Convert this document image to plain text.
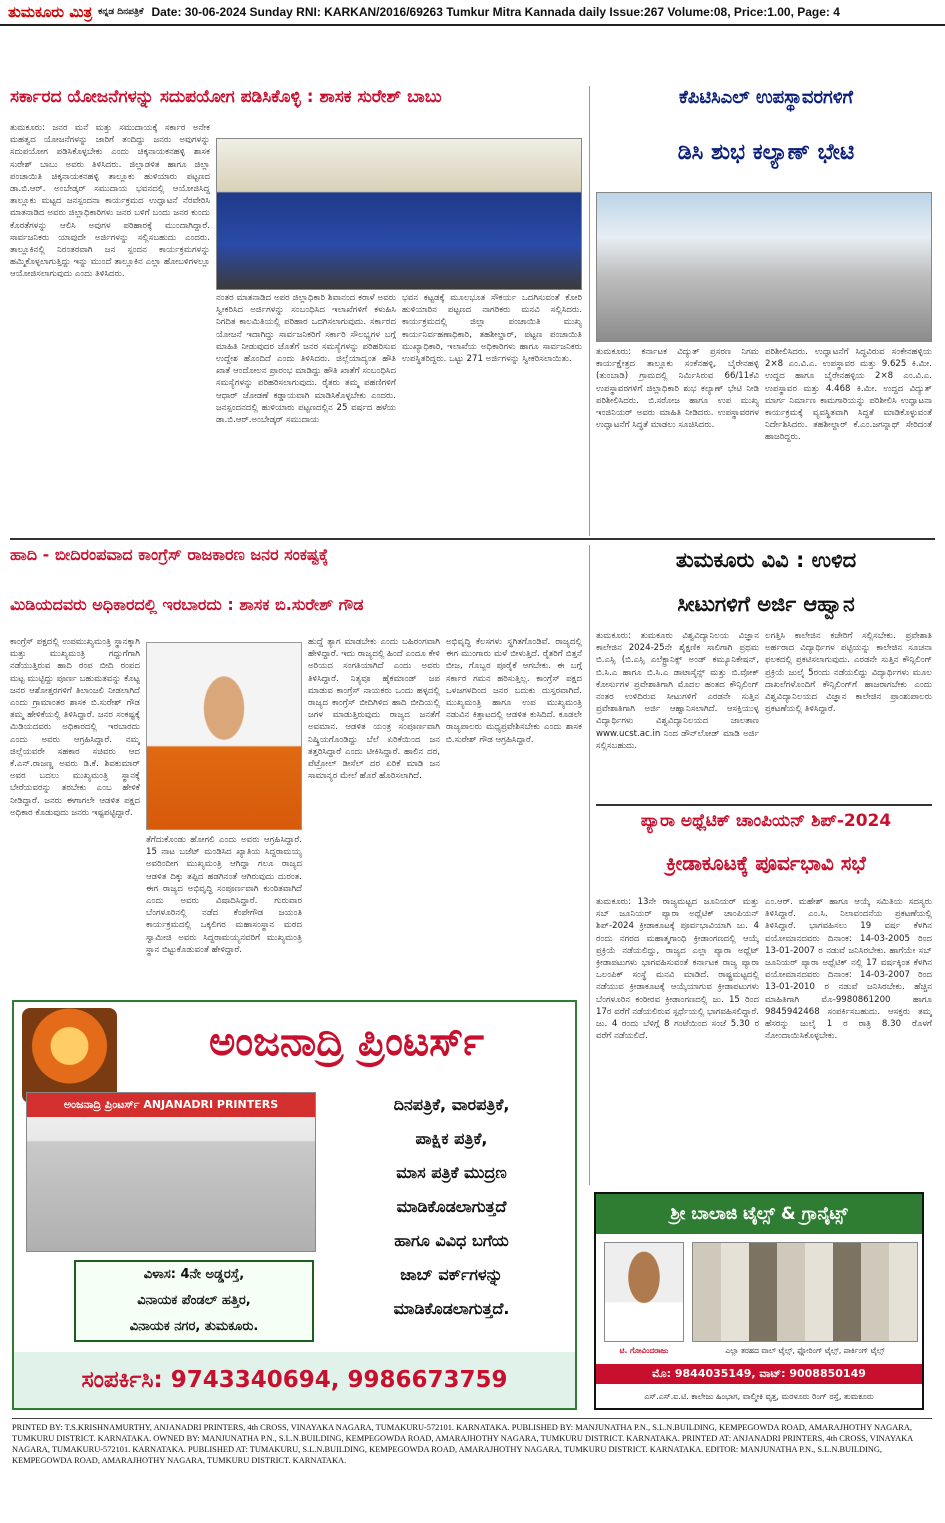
ತುಮಕೂರು ಮಿತ್ರ ಕನ್ನಡ ದಿನಪತ್ರಿಕೆ Date: 30-06-2024 Sunday RNI: KARKAN/2016/69263 Tumkur Mitra Kannada daily Issue:267 Volume:08, Price:1.00, Page: 4
ಸರ್ಕಾರದ ಯೋಜನೆಗಳನ್ನು ಸದುಪಯೋಗ ಪಡಿಸಿಕೊಳ್ಳಿ : ಶಾಸಕ ಸುರೇಶ್ ಬಾಬು
ತುಮಕೂರು: ಜನರ ಮನೆ ಮತ್ತು ಸಮುದಾಯಕ್ಕೆ ಸರ್ಕಾರ ಅನೇಕ ಮಹತ್ವದ ಯೋಜನೆಗಳನ್ನು ಜಾರಿಗೆ ತಂದಿದ್ದು ಜನರು ಅವುಗಳನ್ನು ಸದುಪಯೋಗ ಪಡಿಸಿಕೊಳ್ಳಬೇಕು ಎಂದು ಚಿಕ್ಕನಾಯಕನಹಳ್ಳಿ ಶಾಸಕ ಸುರೇಶ್ ಬಾಬು ಅವರು ತಿಳಿಸಿದರು. ಜಿಲ್ಲಾಡಳಿತ ಹಾಗೂ ಜಿಲ್ಲಾ ಪಂಚಾಯಿತಿ ಚಿಕ್ಕನಾಯಕನಹಳ್ಳಿ ತಾಲ್ಲೂಕು ಹುಳಿಯಾರು ಪಟ್ಟಣದ ಡಾ.ಬಿ.ಆರ್. ಅಂಬೇಡ್ಕರ್ ಸಮುದಾಯ ಭವನದಲ್ಲಿ ಆಯೋಜಿಸಿದ್ದ ತಾಲ್ಲೂಕು ಮಟ್ಟದ ಜನಸ್ಪಂದನಾ ಕಾರ್ಯಕ್ರಮದ ಉದ್ಘಾಟನೆ ನೆರವೇರಿಸಿ ಮಾತನಾಡಿದ ಅವರು ಜಿಲ್ಲಾಧಿಕಾರಿಗಳು ಜನರ ಬಳಿಗೆ ಬಂದು ಜನರ ಕುಂದು ಕೊರತೆಗಳನ್ನು ಆಲಿಸಿ ಅವುಗಳ ಪರಿಹಾರಕ್ಕೆ ಮುಂದಾಗಿದ್ದಾರೆ. ಸಾರ್ವಜನಿಕರು ಯಾವುದೇ ಅರ್ಜಿಗಳನ್ನು ಸಲ್ಲಿಸಬಹುದು ಎಂದರು. ತಾಲ್ಲೂಕಿನಲ್ಲಿ ನಿರಂತರವಾಗಿ ಜನ ಸ್ಪಂದನ ಕಾರ್ಯಕ್ರಮಗಳನ್ನು ಹಮ್ಮಿಕೊಳ್ಳಲಾಗುತ್ತಿದ್ದು ಇನ್ನು ಮುಂದೆ ತಾಲ್ಲೂಕಿನ ಎಲ್ಲಾ ಹೋಬಳಿಗಳಲ್ಲೂ ಆಯೋಜಿಸಲಾಗುವುದು ಎಂದು ತಿಳಿಸಿದರು.
ನಂತರ ಮಾತನಾಡಿದ ಅಪರ ಜಿಲ್ಲಾಧಿಕಾರಿ ಶಿವಾನಂದ ಕರಾಳೆ ಅವರು ಸ್ವೀಕರಿಸಿದ ಅರ್ಜಿಗಳನ್ನು ಸಂಬಂಧಿಸಿದ ಇಲಾಖೆಗಳಿಗೆ ಕಳುಹಿಸಿ ನಿಗದಿತ ಕಾಲಮಿತಿಯಲ್ಲಿ ಪರಿಹಾರ ಒದಗಿಸಲಾಗುವುದು. ಸರ್ಕಾರದ ಯೋಜನೆ ಇದಾಗಿದ್ದು ಸಾರ್ವಜನಿಕರಿಗೆ ಸರ್ಕಾರಿ ಸೌಲಭ್ಯಗಳ ಬಗ್ಗೆ ಮಾಹಿತಿ ನೀಡುವುದರ ಜೊತೆಗೆ ಜನರ ಸಮಸ್ಯೆಗಳನ್ನು ಪರಿಹರಿಸುವ ಉದ್ದೇಶ ಹೊಂದಿದೆ ಎಂದು ತಿಳಿಸಿದರು. ಜಿಲ್ಲೆಯಾದ್ಯಂತ ಹೌತಿ ಖಾತೆ ಆಂದೋಲನ ಪ್ರಾರಂಭ ಮಾಡಿದ್ದು ಹೌತಿ ಖಾತೆಗೆ ಸಂಬಂಧಿಸಿದ ಸಮಸ್ಯೆಗಳನ್ನು ಪರಿಹರಿಸಲಾಗುವುದು. ರೈತರು ತಮ್ಮ ಪಹಣಿಗಳಿಗೆ ಆಧಾರ್ ಜೋಡಣೆ ಕಡ್ಡಾಯವಾಗಿ ಮಾಡಿಸಿಕೊಳ್ಳಬೇಕು ಎಂದರು. ಜನಸ್ಪಂದನದಲ್ಲಿ ಹುಳಿಯಾರು ಪಟ್ಟಣದಲ್ಲಿನ 25 ವರ್ಷದ ಹಳೆಯ ಡಾ.ಬಿ.ಆರ್.ಅಂಬೇಡ್ಕರ್ ಸಮುದಾಯ
ಭವನ ಕಟ್ಟಡಕ್ಕೆ ಮೂಲಭೂತ ಸೌಕರ್ಯ ಒದಗಿಸುವಂತೆ ಕೋರಿ ಹುಳಿಯಾರಿನ ಪಟ್ಟಣದ ನಾಗರಿಕರು ಮನವಿ ಸಲ್ಲಿಸಿದರು. ಕಾರ್ಯಕ್ರಮದಲ್ಲಿ ಜಿಲ್ಲಾ ಪಂಚಾಯಿತಿ ಮುಖ್ಯ ಕಾರ್ಯನಿರ್ವಹಣಾಧಿಕಾರಿ, ತಹಶೀಲ್ದಾರ್, ಪಟ್ಟಣ ಪಂಚಾಯಿತಿ ಮುಖ್ಯಾಧಿಕಾರಿ, ಇಲಾಖೆಯ ಅಧಿಕಾರಿಗಳು ಹಾಗೂ ಸಾರ್ವಜನಿಕರು ಉಪಸ್ಥಿತರಿದ್ದರು. ಒಟ್ಟು 271 ಅರ್ಜಿಗಳನ್ನು ಸ್ವೀಕರಿಸಲಾಯಿತು.
ಕೆಪಿಟಿಸಿಎಲ್ ಉಪಸ್ಥಾವರಗಳಿಗೆ
ಡಿಸಿ ಶುಭ ಕಲ್ಯಾಣ್ ಭೇಟಿ
ತುಮಕೂರು: ಕರ್ನಾಟಕ ವಿದ್ಯುತ್ ಪ್ರಸರಣ ನಿಗಮ ಕಾರ್ಯಕ್ಷೇತ್ರದ ತಾಲ್ಲೂಕು ಸಂಕೆನಹಳ್ಳಿ, ಬೈರೇನಹಳ್ಳಿ (ತುಂಬಾಡಿ) ಗ್ರಾಮದಲ್ಲಿ ನಿರ್ಮಿಸಿರುವ 66/11ಕೆವಿ ಉಪಸ್ಥಾವರಗಳಿಗೆ ಜಿಲ್ಲಾಧಿಕಾರಿ ಶುಭ ಕಲ್ಯಾಣ್ ಭೇಟಿ ನೀಡಿ ಪರಿಶೀಲಿಸಿದರು. ಬಿ.ಸರೋಜ ಹಾಗೂ ಉಪ ಮುಖ್ಯ ಇಂಜಿನಿಯರ್ ಅವರು ಮಾಹಿತಿ ನೀಡಿದರು. ಉಪಸ್ಥಾವರಗಳ ಉದ್ಘಾಟನೆಗೆ ಸಿದ್ಧತೆ ಮಾಡಲು ಸೂಚಿಸಿದರು.
ಪರಿಶೀಲಿಸಿದರು. ಉದ್ಘಾಟನೆಗೆ ಸಿದ್ಧವಿರುವ ಸಂಕೇನಹಳ್ಳಿಯ 2×8 ಎಂ.ವಿ.ಎ. ಉಪಸ್ಥಾವರ ಮತ್ತು 9.625 ಕಿ.ಮೀ. ಉದ್ದದ ಹಾಗೂ ಬೈರೇನಹಳ್ಳಿಯ 2×8 ಎಂ.ವಿ.ಎ. ಉಪಸ್ಥಾವರ ಮತ್ತು 4.468 ಕಿ.ಮೀ. ಉದ್ದದ ವಿದ್ಯುತ್ ಮಾರ್ಗ ನಿರ್ಮಾಣ ಕಾಮಗಾರಿಯನ್ನು ಪರಿಶೀಲಿಸಿ ಉದ್ಘಾಟನಾ ಕಾರ್ಯಕ್ರಮಕ್ಕೆ ವ್ಯವಸ್ಥಿತವಾಗಿ ಸಿದ್ಧತೆ ಮಾಡಿಕೊಳ್ಳುವಂತೆ ನಿರ್ದೇಶಿಸಿದರು. ತಹಶೀಲ್ದಾರ್ ಕೆ.ಎಂ.ಜಗನ್ನಾಥ್ ಸೇರಿದಂತೆ ಹಾಜರಿದ್ದರು.
ಹಾದಿ - ಬೀದಿರಂಪವಾದ ಕಾಂಗ್ರೆಸ್ ರಾಜಕಾರಣ ಜನರ ಸಂಕಷ್ಟಕ್ಕೆ
ಮಿಡಿಯದವರು ಅಧಿಕಾರದಲ್ಲಿ ಇರಬಾರದು : ಶಾಸಕ ಬಿ.ಸುರೇಶ್ ಗೌಡ
ಕಾಂಗ್ರೆಸ್ ಪಕ್ಷದಲ್ಲಿ ಉಪಮುಖ್ಯಮಂತ್ರಿ ಸ್ಥಾನಕ್ಕಾಗಿ ಮತ್ತು ಮುಖ್ಯಮಂತ್ರಿ ಗದ್ದುಗೆಗಾಗಿ ನಡೆಯುತ್ತಿರುವ ಹಾದಿ ರಂಪ ಬೀದಿ ರಂಪದ ಮಟ್ಟ ಮುಟ್ಟಿದ್ದು ಪೂರ್ಣ ಬಹುಮತವನ್ನು ಕೊಟ್ಟ ಜನರ ಆಶೋತ್ತರಗಳಿಗೆ ತಿಲಾಂಜಲಿ ನೀಡಲಾಗಿದೆ ಎಂದು ಗ್ರಾಮಾಂತರ ಶಾಸಕ ಬಿ.ಸುರೇಶ್ ಗೌಡ ತಮ್ಮ ಹೇಳಿಕೆಯಲ್ಲಿ ತಿಳಿಸಿದ್ದಾರೆ. ಜನರ ಸಂಕಷ್ಟಕ್ಕೆ ಮಿಡಿಯದವರು ಅಧಿಕಾರದಲ್ಲಿ ಇರಬಾರದು ಎಂದು ಅವರು ಆಗ್ರಹಿಸಿದ್ದಾರೆ. ನಮ್ಮ ಜಿಲ್ಲೆಯವರೇ ಸಹಕಾರ ಸಚಿವರು ಆದ ಕೆ.ಎನ್.ರಾಜಣ್ಣ ಅವರು ಡಿ.ಕೆ. ಶಿವಕುಮಾರ್ ಅವರ ಬದಲು ಮುಖ್ಯಮಂತ್ರಿ ಸ್ಥಾನಕ್ಕೆ ಬೇರೆಯವರನ್ನು ತರಬೇಕು ಎಂಬ ಹೇಳಿಕೆ ನೀಡಿದ್ದಾರೆ. ಜನರು ಈಗಾಗಲೇ ಆಡಳಿತ ಪಕ್ಷದ ಅಧಿಕಾರ ಕೊಡುವುದು ಜನರು ಇಷ್ಟಪಟ್ಟಿದ್ದಾರೆ.
ತೆಗೆದುಕೊಂಡು ಹೋಗಲಿ ಎಂದು ಅವರು ಆಗ್ರಹಿಸಿದ್ದಾರೆ. 15 ನಾಟ ಬಜೆಟ್ ಮಂಡಿಸಿದ ಖ್ಯಾತಿಯ ಸಿದ್ದರಾಮಯ್ಯ ಅವರಿಂದೀಗ ಮುಖ್ಯಮಂತ್ರಿ ಆಗಿದ್ದಾ ಗಲೂ ರಾಜ್ಯದ ಆಡಳಿತ ದಿಕ್ಕು ತಪ್ಪಿದ ಹಡಗಿನಂತೆ ಆಗಿರುವುದು ದುರಂತ. ಈಗ ರಾಜ್ಯದ ಅಭಿವೃದ್ಧಿ ಸಂಪೂರ್ಣವಾಗಿ ಕುಂಠಿತವಾಗಿದೆ ಎಂದು ಅವರು ವಿಷಾದಿಸಿದ್ದಾರೆ. ಗುರುವಾರ ಬೆಂಗಳೂರಿನಲ್ಲಿ ನಡೆದ ಕೆಂಪೇಗೌಡ ಜಯಂತಿ ಕಾರ್ಯಕ್ರಮದಲ್ಲಿ ಒಕ್ಕಲಿಗರ ಮಹಾಸಂಸ್ಥಾನ ಮಠದ ಸ್ವಾಮೀಜಿ ಅವರು ಸಿದ್ದರಾಮಯ್ಯನವರಿಗೆ ಮುಖ್ಯಮಂತ್ರಿ ಸ್ಥಾನ ಬಿಟ್ಟುಕೊಡುವಂತೆ ಹೇಳಿದ್ದಾರೆ.
ಹುದ್ದೆ ತ್ಯಾಗ ಮಾಡಬೇಕು ಎಂದು ಬಹಿರಂಗವಾಗಿ ಹೇಳಿದ್ದಾರೆ. ಇದು ರಾಜ್ಯದಲ್ಲಿ ಹಿಂದೆ ಎಂದೂ ಕೇಳಿ ಅರಿಯದ ಸಂಗತಿಯಾಗಿದೆ ಎಂದು ಅವರು ತಿಳಿಸಿದ್ದಾರೆ. ನಿತ್ಯವೂ ಹೈಕಮಾಂಡ್ ಜಪ ಮಾಡುವ ಕಾಂಗ್ರೆಸ್ ನಾಯಕರು ಒಂದು ಹಳ್ಳದಲ್ಲಿ ರಾಜ್ಯದ ಕಾಂಗ್ರೆಸ್ ಬೀದಿಗಿಳಿದ ಹಾದಿ ಬೀದಿಯಲ್ಲಿ ಜಗಳ ಮಾಡುತ್ತಿರುವುದು ರಾಜ್ಯದ ಜನತೆಗೆ ಅವಮಾನ. ಆಡಳಿತ ಯಂತ್ರ ಸಂಪೂರ್ಣವಾಗಿ ನಿಷ್ಕ್ರಿಯಗೊಂಡಿದ್ದು ಬೆಲೆ ಏರಿಕೆಯಿಂದ ಜನ ತತ್ತರಿಸಿದ್ದಾರೆ ಎಂದು ಟೀಕಿಸಿದ್ದಾರೆ. ಹಾಲಿನ ದರ, ಪೆಟ್ರೋಲ್ ಡೀಸೆಲ್ ದರ ಏರಿಕೆ ಮಾಡಿ ಜನ ಸಾಮಾನ್ಯರ ಮೇಲೆ ಹೊರೆ ಹೊರಿಸಲಾಗಿದೆ.
ಅಭಿವೃದ್ಧಿ ಕೆಲಸಗಳು ಸ್ಥಗಿತಗೊಂಡಿವೆ. ರಾಜ್ಯದಲ್ಲಿ ಈಗ ಮುಂಗಾರು ಮಳೆ ಬೀಳುತ್ತಿದೆ. ರೈತರಿಗೆ ಬಿತ್ತನೆ ಬೀಜ, ಗೊಬ್ಬರ ಪೂರೈಕೆ ಆಗಬೇಕು. ಈ ಬಗ್ಗೆ ಸರ್ಕಾರ ಗಮನ ಹರಿಸುತ್ತಿಲ್ಲ. ಕಾಂಗ್ರೆಸ್ ಪಕ್ಷದ ಒಳಜಗಳದಿಂದ ಜನರ ಬದುಕು ದುಸ್ತರವಾಗಿದೆ. ಮುಖ್ಯಮಂತ್ರಿ ಹಾಗೂ ಉಪ ಮುಖ್ಯಮಂತ್ರಿ ನಡುವಿನ ಕಿತ್ತಾಟದಲ್ಲಿ ಆಡಳಿತ ಕುಸಿದಿದೆ. ಕೂಡಲೇ ರಾಜ್ಯಪಾಲರು ಮಧ್ಯಪ್ರವೇಶಿಸಬೇಕು ಎಂದು ಶಾಸಕ ಬಿ.ಸುರೇಶ್ ಗೌಡ ಆಗ್ರಹಿಸಿದ್ದಾರೆ.
ತುಮಕೂರು ವಿವಿ : ಉಳಿದ
ಸೀಟುಗಳಿಗೆ ಅರ್ಜಿ ಆಹ್ವಾನ
ತುಮಕೂರು: ತುಮಕೂರು ವಿಶ್ವವಿದ್ಯಾನಿಲಯ ವಿಜ್ಞಾನ ಕಾಲೇಜಿನ 2024-25ನೇ ಶೈಕ್ಷಣಿಕ ಸಾಲಿಗಾಗಿ ಪ್ರಥಮ ಬಿ.ಎಸ್ಸಿ (ಬಿ.ಎಸ್ಸಿ ಎಲೆಕ್ಟ್ರಾನಿಕ್ಸ್ ಅಂಡ್ ಕಮ್ಯೂನಿಕೇಷನ್, ಬಿ.ಸಿ.ಎ ಹಾಗೂ ಬಿ.ಸಿ.ಎ ಡಾಟಾಸೈನ್ಸ್ ಮತ್ತು ಬಿ.ವೋಕ್ ಕೋರ್ಸುಗಳ ಪ್ರವೇಶಾತಿಗಾಗಿ ಮೊದಲ ಹಂತದ ಕೌನ್ಸಿಲಿಂಗ್ ನಂತರ ಉಳಿದಿರುವ ಸೀಟುಗಳಿಗೆ ಎರಡನೇ ಸುತ್ತಿನ ಪ್ರವೇಶಾತಿಗಾಗಿ ಅರ್ಜಿ ಆಹ್ವಾನಿಸಲಾಗಿದೆ. ಆಸಕ್ತಿಯುಳ್ಳ ವಿದ್ಯಾರ್ಥಿಗಳು ವಿಶ್ವವಿದ್ಯಾನಿಲಯದ ಜಾಲತಾಣ www.ucst.ac.in ನಿಂದ ಡೌನ್‌ಲೋಡ್ ಮಾಡಿ ಅರ್ಜಿ ಸಲ್ಲಿಸಬಹುದು.
ಲಗತ್ತಿಸಿ ಕಾಲೇಜಿನ ಕಚೇರಿಗೆ ಸಲ್ಲಿಸಬೇಕು. ಪ್ರವೇಶಾತಿ ಅರ್ಹರಾದ ವಿದ್ಯಾರ್ಥಿಗಳ ಪಟ್ಟಿಯನ್ನು ಕಾಲೇಜಿನ ಸೂಚನಾ ಫಲಕದಲ್ಲಿ ಪ್ರಕಟಿಸಲಾಗುವುದು. ಎರಡನೇ ಸುತ್ತಿನ ಕೌನ್ಸಿಲಿಂಗ್ ಪ್ರಕ್ರಿಯೆ ಜುಲೈ 5ರಂದು ನಡೆಯಲಿದ್ದು ವಿದ್ಯಾರ್ಥಿಗಳು ಮೂಲ ದಾಖಲೆಗಳೊಂದಿಗೆ ಕೌನ್ಸಿಲಿಂಗ್‌ಗೆ ಹಾಜರಾಗಬೇಕು ಎಂದು ವಿಶ್ವವಿದ್ಯಾನಿಲಯದ ವಿಜ್ಞಾನ ಕಾಲೇಜಿನ ಪ್ರಾಂಶುಪಾಲರು ಪ್ರಕಟಣೆಯಲ್ಲಿ ತಿಳಿಸಿದ್ದಾರೆ.
ಪ್ಯಾರಾ ಅಥ್ಲೆಟಿಕ್ ಚಾಂಪಿಯನ್ ಶಿಪ್-2024
ಕ್ರೀಡಾಕೂಟಕ್ಕೆ ಪೂರ್ವಭಾವಿ ಸಭೆ
ತುಮಕೂರು: 13ನೇ ರಾಜ್ಯಮಟ್ಟದ ಜೂನಿಯರ್ ಮತ್ತು ಸಬ್ ಜೂನಿಯರ್ ಪ್ಯಾರಾ ಅಥ್ಲೆಟಿಕ್ ಚಾಂಪಿಯನ್ ಶಿಪ್-2024 ಕ್ರೀಡಾಕೂಟಕ್ಕೆ ಪೂರ್ವಭಾವಿಯಾಗಿ ಜು. 4 ರಂದು ನಗರದ ಮಹಾತ್ಮಗಾಂಧಿ ಕ್ರೀಡಾಂಗಣದಲ್ಲಿ ಆಯ್ಕೆ ಪ್ರಕ್ರಿಯೆ ನಡೆಯಲಿದ್ದು, ರಾಜ್ಯದ ಎಲ್ಲಾ ಪ್ಯಾರಾ ಅಥ್ಲೆಟ್ ಕ್ರೀಡಾಪಟುಗಳು ಭಾಗವಹಿಸುವಂತೆ ಕರ್ನಾಟಕ ರಾಜ್ಯ ಪ್ಯಾರಾ ಒಲಂಪಿಕ್ ಸಂಸ್ಥೆ ಮನವಿ ಮಾಡಿದೆ. ರಾಷ್ಟ್ರಮಟ್ಟದಲ್ಲಿ ನಡೆಯುವ ಕ್ರೀಡಾಕೂಟಕ್ಕೆ ಆಯ್ಕೆಯಾಗುವ ಕ್ರೀಡಾಪಟುಗಳು ಬೆಂಗಳೂರಿನ ಕಂಠೀರವ ಕ್ರೀಡಾಂಗಣದಲ್ಲಿ ಜು. 15 ರಿಂದ 17ರ ವರೆಗೆ ನಡೆಯಲಿರುವ ಸ್ಪರ್ಧೆಯಲ್ಲಿ ಭಾಗವಹಿಸಲಿದ್ದಾರೆ. ಜು. 4 ರಂದು ಬೆಳಿಗ್ಗೆ 8 ಗಂಟೆಯಿಂದ ಸಂಜೆ 5.30 ರ ವರೆಗೆ ನಡೆಯಲಿದೆ.
ಎಂ.ಆರ್. ಮಹೇಶ್ ಹಾಗೂ ಆಯ್ಕೆ ಸಮಿತಿಯ ಸದಸ್ಯರು ತಿಳಿಸಿದ್ದಾರೆ. ಎಂ.ಸಿ. ನಿಲಾವಂದನೆಯ ಪ್ರಕಟಣೆಯಲ್ಲಿ ತಿಳಿಸಿದ್ದಾರೆ. ಭಾಗವಹಿಸಲು 19 ವರ್ಷ ಕೆಳಗಿನ ವಯೋಮಾನದವರು ದಿನಾಂಕ: 14-03-2005 ರಿಂದ 13-01-2007 ರ ನಡುವೆ ಜನಿಸಿರಬೇಕು. ಹಾಗೆಯೇ ಸಬ್ ಜೂನಿಯರ್ ಪ್ಯಾರಾ ಅಥ್ಲೆಟಿಕ್ ನಲ್ಲಿ 17 ವರ್ಷಕ್ಕಿಂತ ಕೆಳಗಿನ ವಯೋಮಾನದವರು ದಿನಾಂಕ: 14-03-2007 ರಿಂದ 13-01-2010 ರ ನಡುವೆ ಜನಿಸಿರಬೇಕು. ಹೆಚ್ಚಿನ ಮಾಹಿತಿಗಾಗಿ ಮೊ-9980861200 ಹಾಗೂ 9845942468 ಸಂಪರ್ಕಿಸಬಹುದು. ಆಸಕ್ತರು ತಮ್ಮ ಹೆಸರನ್ನು ಜುಲೈ 1 ರ ರಾತ್ರಿ 8.30 ರೊಳಗೆ ನೋಂದಾಯಿಸಿಕೊಳ್ಳಬೇಕು.
ಅಂಜನಾದ್ರಿ ಪ್ರಿಂಟರ್ಸ್
ಅಂಜನಾದ್ರಿ ಪ್ರಿಂಟರ್ಸ್ ANJANADRI PRINTERS
ವಿಳಾಸ: 4ನೇ ಅಡ್ಡರಸ್ತೆ,
ವಿನಾಯಕ ಪೆಂಡಲ್ ಹತ್ತಿರ,
ವಿನಾಯಕ ನಗರ, ತುಮಕೂರು.
ದಿನಪತ್ರಿಕೆ, ವಾರಪತ್ರಿಕೆ,
ಪಾಕ್ಷಿಕ ಪತ್ರಿಕೆ,
ಮಾಸ ಪತ್ರಿಕೆ ಮುದ್ರಣ
ಮಾಡಿಕೊಡಲಾಗುತ್ತದೆ
ಹಾಗೂ ವಿವಿಧ ಬಗೆಯ
ಜಾಬ್ ವರ್ಕ್‌ಗಳನ್ನು
ಮಾಡಿಕೊಡಲಾಗುತ್ತದೆ.
ಸಂಪರ್ಕಿಸಿ: 9743340694, 9986673759
ಶ್ರೀ ಬಾಲಾಜಿ ಟೈಲ್ಸ್ & ಗ್ರಾನೈಟ್ಸ್
ಟಿ. ಗೋವಿಂದರಾಜು	ಎಲ್ಲಾ ತರಹದ ವಾಲ್ ಟೈಲ್ಸ್, ಫ್ಲೋರಿಂಗ್ ಟೈಲ್ಸ್, ಪಾರ್ಕಿಂಗ್ ಟೈಲ್ಸ್
ಮೊ: 9844035149, ವಾಟ್: 9008850149
ಎಸ್.ಎಸ್.ಐ.ಟಿ. ಕಾಲೇಜು ಹಿಂಭಾಗ, ವಾಲ್ಮೀಕಿ ವೃತ್ತ, ಮರಳೂರು ರಿಂಗ್ ರಸ್ತೆ, ತುಮಕೂರು
PRINTED BY: T.S.KRISHNAMURTHY, ANJANADRI PRINTERS, 4th CROSS, VINAYAKA NAGARA, TUMAKURU-572101. KARNATAKA. PUBLISHED BY: MANJUNATHA P.N., S.L.N.BUILDING, KEMPEGOWDA ROAD, AMARAJHOTHY NAGARA, TUMKURU DISTRICT. KARNATAKA. OWNED BY: MANJUNATHA P.N., S.L.N.BUILDING, KEMPEGOWDA ROAD, AMARAJHOTHY NAGARA, TUMKURU DISTRICT. KARNATAKA. PRINTED AT: ANJANADRI PRINTERS, 4th CROSS, VINAYAKA NAGARA, TUMAKURU-572101. KARNATAKA. PUBLISHED AT: TUMAKURU, S.L.N.BUILDING, KEMPEGOWDA ROAD, AMARAJHOTHY NAGARA, TUMKURU DISTRICT. KARNATAKA. EDITOR: MANJUNATHA P.N., S.L.N.BUILDING, KEMPEGOWDA ROAD, AMARAJHOTHY NAGARA, TUMKURU DISTRICT. KARNATAKA.
